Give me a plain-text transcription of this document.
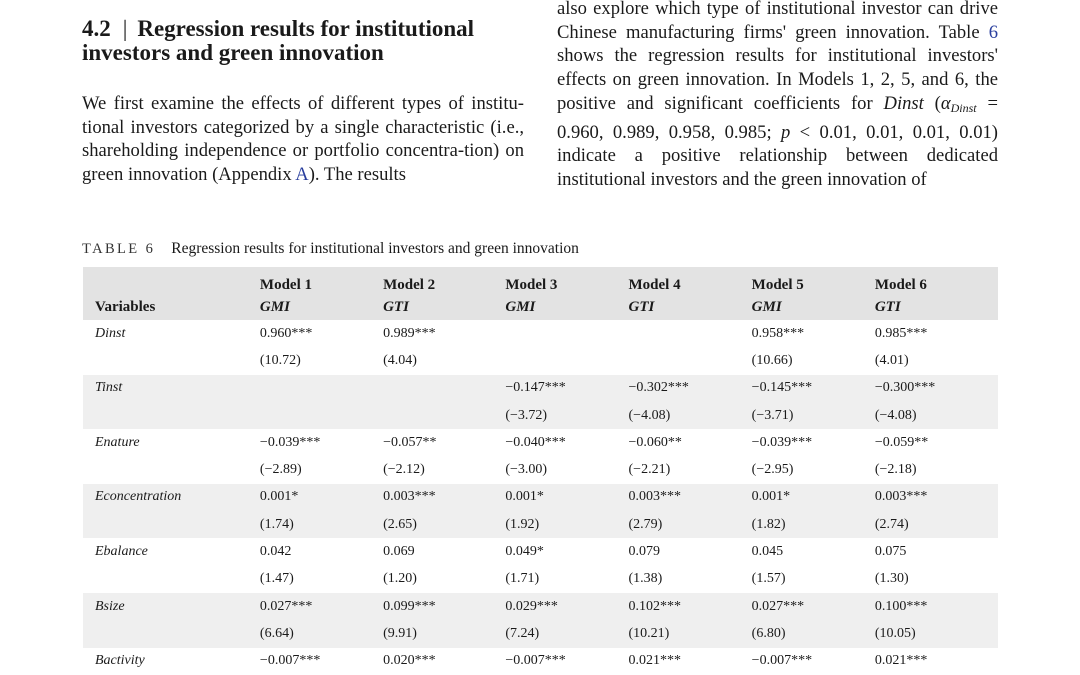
4.2 | Regression results for institutional
investors and green innovation

We first examine the effects of different types of institu-tional investors categorized by a single characteristic (i.e., shareholding independence or portfolio concentra-tion) on green innovation (Appendix A). The results

also explore which type of institutional investor can drive Chinese manufacturing firms' green innovation. Table 6 shows the regression results for institutional investors' effects on green innovation. In Models 1, 2, 5, and 6, the positive and significant coefficients for Dinst ($\alpha_{Dinst} = 0.960$, 0.989, 0.958, 0.985; p < 0.01, 0.01, 0.01, 0.01) indicate a positive relationship between dedicated institutional investors and the green innovation of

TABLE 6 Regression results for institutional investors and green innovation
	Model 1	Model 2	Model 3	Model 4	Model 5	Model 6
Variables	GMI	GTI	GMI	GTI	GMI	GTI
Dinst	0.960***	0.989***			0.958***	0.985***
	(10.72)	(4.04)			(10.66)	(4.01)
Tinst			−0.147***	−0.302***	−0.145***	−0.300***
			(−3.72)	(−4.08)	(−3.71)	(−4.08)
Enature	−0.039***	−0.057**	−0.040***	−0.060**	−0.039***	−0.059**
	(−2.89)	(−2.12)	(−3.00)	(−2.21)	(−2.95)	(−2.18)
Econcentration	0.001*	0.003***	0.001*	0.003***	0.001*	0.003***
	(1.74)	(2.65)	(1.92)	(2.79)	(1.82)	(2.74)
Ebalance	0.042	0.069	0.049*	0.079	0.045	0.075
	(1.47)	(1.20)	(1.71)	(1.38)	(1.57)	(1.30)
Bsize	0.027***	0.099***	0.029***	0.102***	0.027***	0.100***
	(6.64)	(9.91)	(7.24)	(10.21)	(6.80)	(10.05)
Bactivity	−0.007***	0.020***	−0.007***	0.021***	−0.007***	0.021***
